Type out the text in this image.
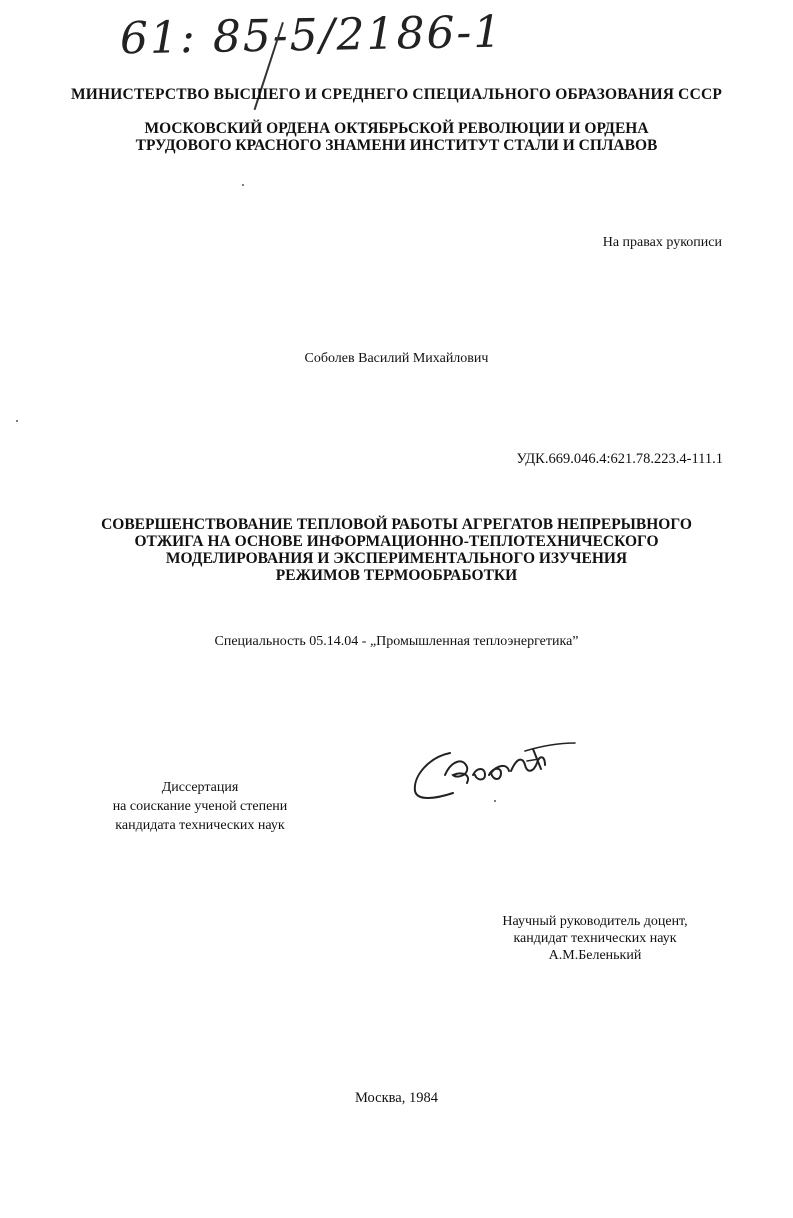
61: 85-5/2186-1
МИНИСТЕРСТВО ВЫСШЕГО И СРЕДНЕГО СПЕЦИАЛЬНОГО ОБРАЗОВАНИЯ СССР
МОСКОВСКИЙ ОРДЕНА ОКТЯБРЬСКОЙ РЕВОЛЮЦИИ И ОРДЕНА
ТРУДОВОГО КРАСНОГО ЗНАМЕНИ ИНСТИТУТ СТАЛИ И СПЛАВОВ
На правах рукописи
Соболев Василий Михайлович
УДК.669.046.4:621.78.223.4-111.1
СОВЕРШЕНСТВОВАНИЕ ТЕПЛОВОЙ РАБОТЫ АГРЕГАТОВ НЕПРЕРЫВНОГО
ОТЖИГА НА ОСНОВЕ ИНФОРМАЦИОННО-ТЕПЛОТЕХНИЧЕСКОГО
МОДЕЛИРОВАНИЯ И ЭКСПЕРИМЕНТАЛЬНОГО ИЗУЧЕНИЯ
РЕЖИМОВ ТЕРМООБРАБОТКИ
Специальность 05.14.04 - „Промышленная теплоэнергетика”
Диссертация
на соискание ученой степени
кандидата технических наук
Научный руководитель доцент,
кандидат технических наук
А.М.Беленький
Москва, 1984
